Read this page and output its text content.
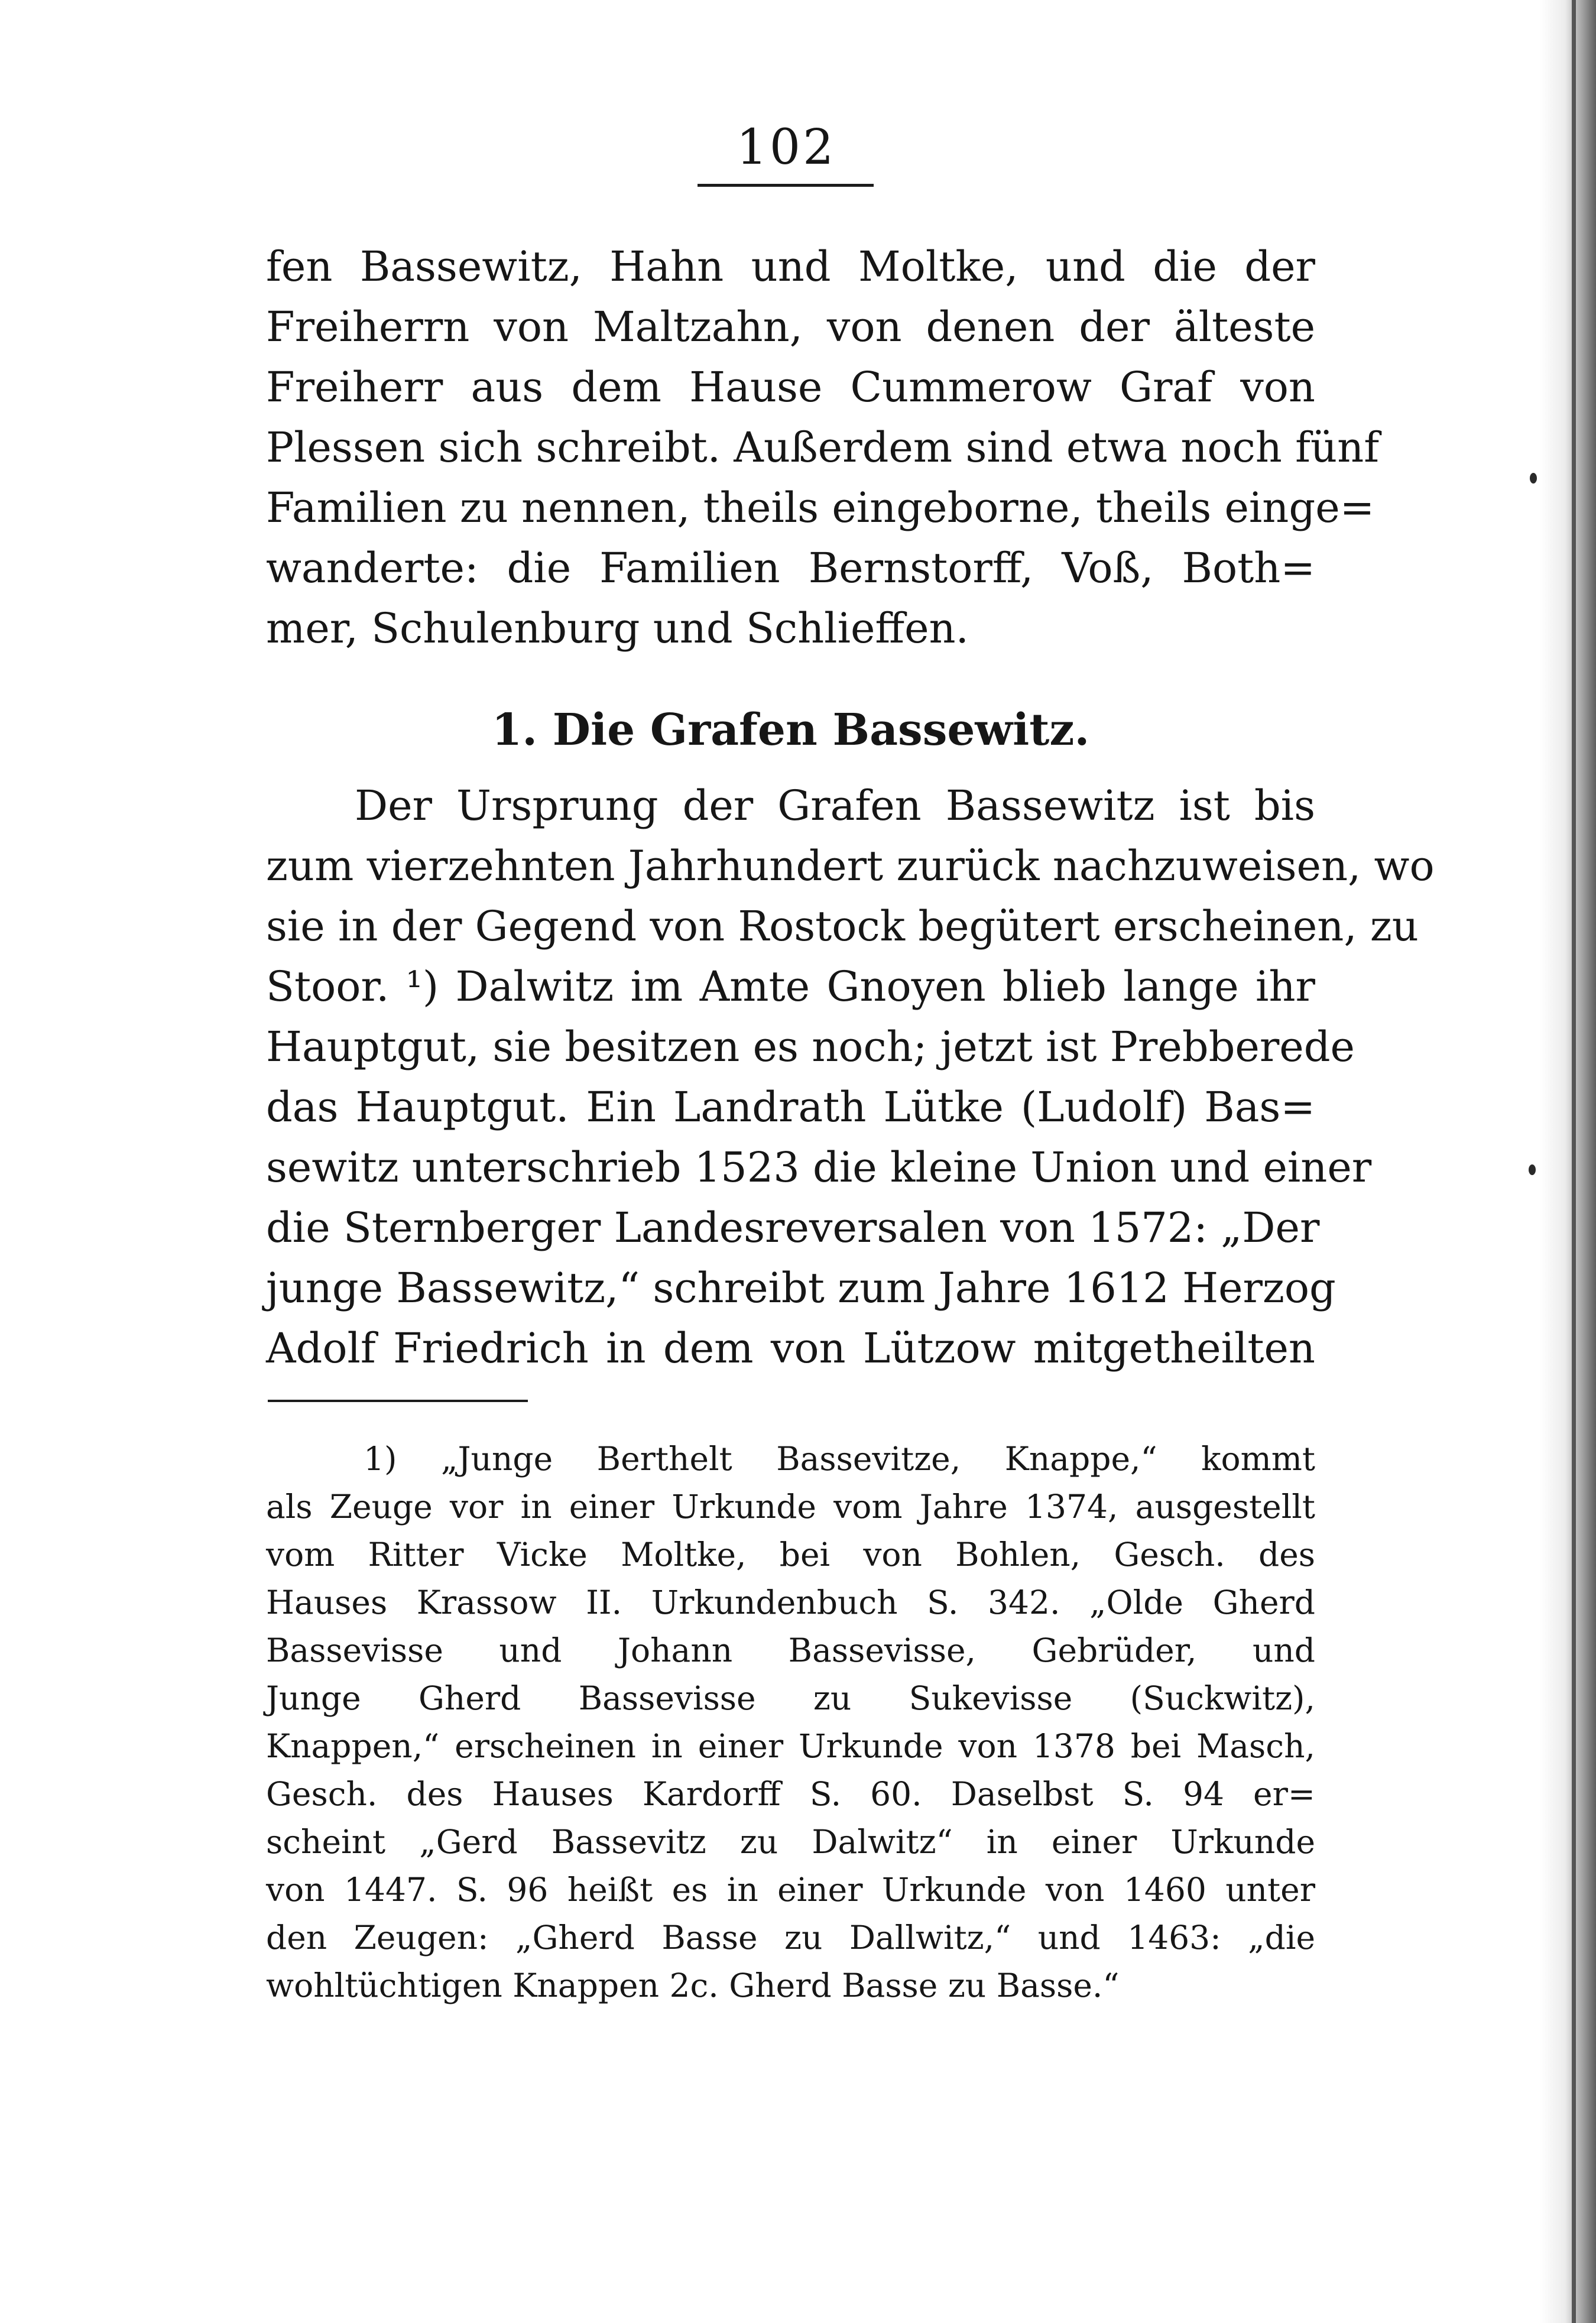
102
fen Bassewitz, Hahn und Moltke, und die der
Freiherrn von Maltzahn, von denen der älteste
Freiherr aus dem Hause Cummerow Graf von
Plessen sich schreibt. Außerdem sind etwa noch fünf
Familien zu nennen, theils eingeborne, theils einge=
wanderte: die Familien Bernstorff, Voß, Both=
mer, Schulenburg und Schlieffen.
1. Die Grafen Bassewitz.
Der Ursprung der Grafen Bassewitz ist bis
zum vierzehnten Jahrhundert zurück nachzuweisen, wo
sie in der Gegend von Rostock begütert erscheinen, zu
Stoor. ¹) Dalwitz im Amte Gnoyen blieb lange ihr
Hauptgut, sie besitzen es noch; jetzt ist Prebberede
das Hauptgut. Ein Landrath Lütke (Ludolf) Bas=
sewitz unterschrieb 1523 die kleine Union und einer
die Sternberger Landesreversalen von 1572: „Der
junge Bassewitz,“ schreibt zum Jahre 1612 Herzog
Adolf Friedrich in dem von Lützow mitgetheilten
1) „Junge Berthelt Bassevitze, Knappe,“ kommt
als Zeuge vor in einer Urkunde vom Jahre 1374, ausgestellt
vom Ritter Vicke Moltke, bei von Bohlen, Gesch. des
Hauses Krassow II. Urkundenbuch S. 342. „Olde Gherd
Bassevisse und Johann Bassevisse, Gebrüder, und
Junge Gherd Bassevisse zu Sukevisse (Suckwitz),
Knappen,“ erscheinen in einer Urkunde von 1378 bei Masch,
Gesch. des Hauses Kardorff S. 60. Daselbst S. 94 er=
scheint „Gerd Bassevitz zu Dalwitz“ in einer Urkunde
von 1447. S. 96 heißt es in einer Urkunde von 1460 unter
den Zeugen: „Gherd Basse zu Dallwitz,“ und 1463: „die
wohltüchtigen Knappen 2c. Gherd Basse zu Basse.“
